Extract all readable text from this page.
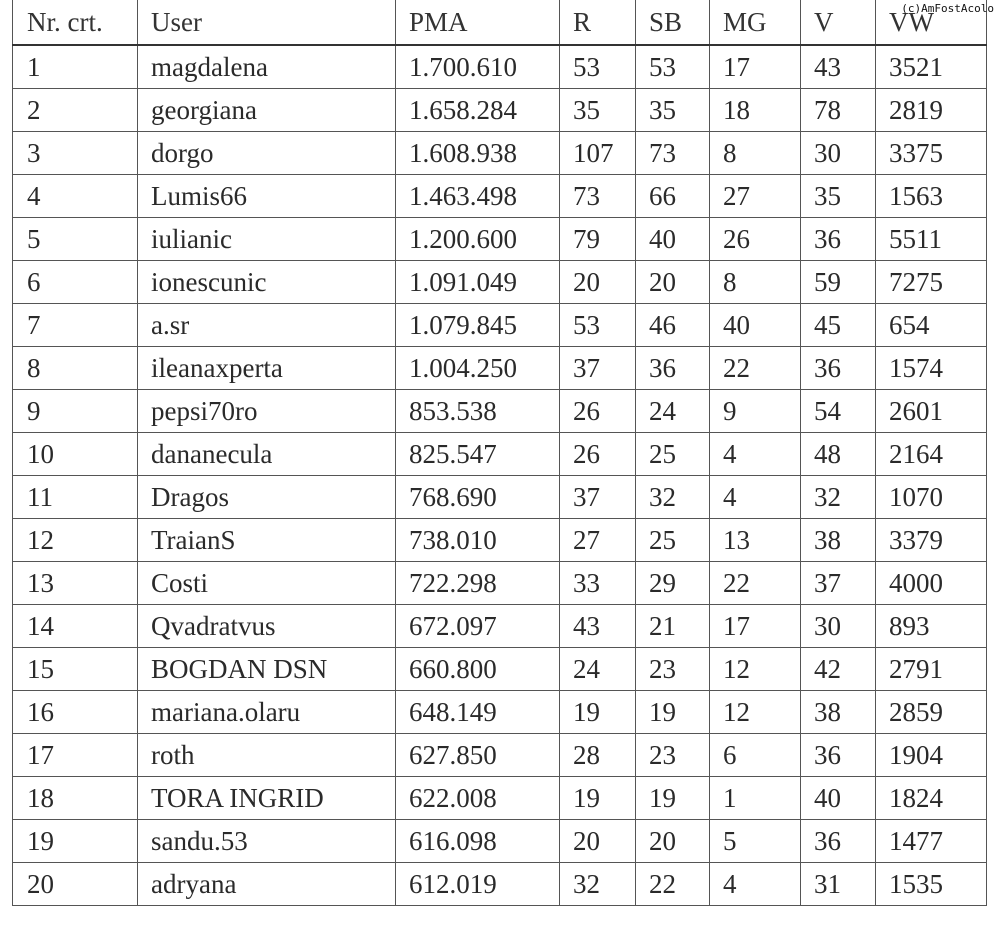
(c)AmFostAcolo
Nr. crt.	User	PMA	R	SB	MG	V	VW
1	magdalena	1.700.610	53	53	17	43	3521
2	georgiana	1.658.284	35	35	18	78	2819
3	dorgo	1.608.938	107	73	8	30	3375
4	Lumis66	1.463.498	73	66	27	35	1563
5	iulianic	1.200.600	79	40	26	36	5511
6	ionescunic	1.091.049	20	20	8	59	7275
7	a.sr	1.079.845	53	46	40	45	654
8	ileanaxperta	1.004.250	37	36	22	36	1574
9	pepsi70ro	853.538	26	24	9	54	2601
10	dananecula	825.547	26	25	4	48	2164
11	Dragos	768.690	37	32	4	32	1070
12	TraianS	738.010	27	25	13	38	3379
13	Costi	722.298	33	29	22	37	4000
14	Qvadratvus	672.097	43	21	17	30	893
15	BOGDAN DSN	660.800	24	23	12	42	2791
16	mariana.olaru	648.149	19	19	12	38	2859
17	roth	627.850	28	23	6	36	1904
18	TORA INGRID	622.008	19	19	1	40	1824
19	sandu.53	616.098	20	20	5	36	1477
20	adryana	612.019	32	22	4	31	1535
